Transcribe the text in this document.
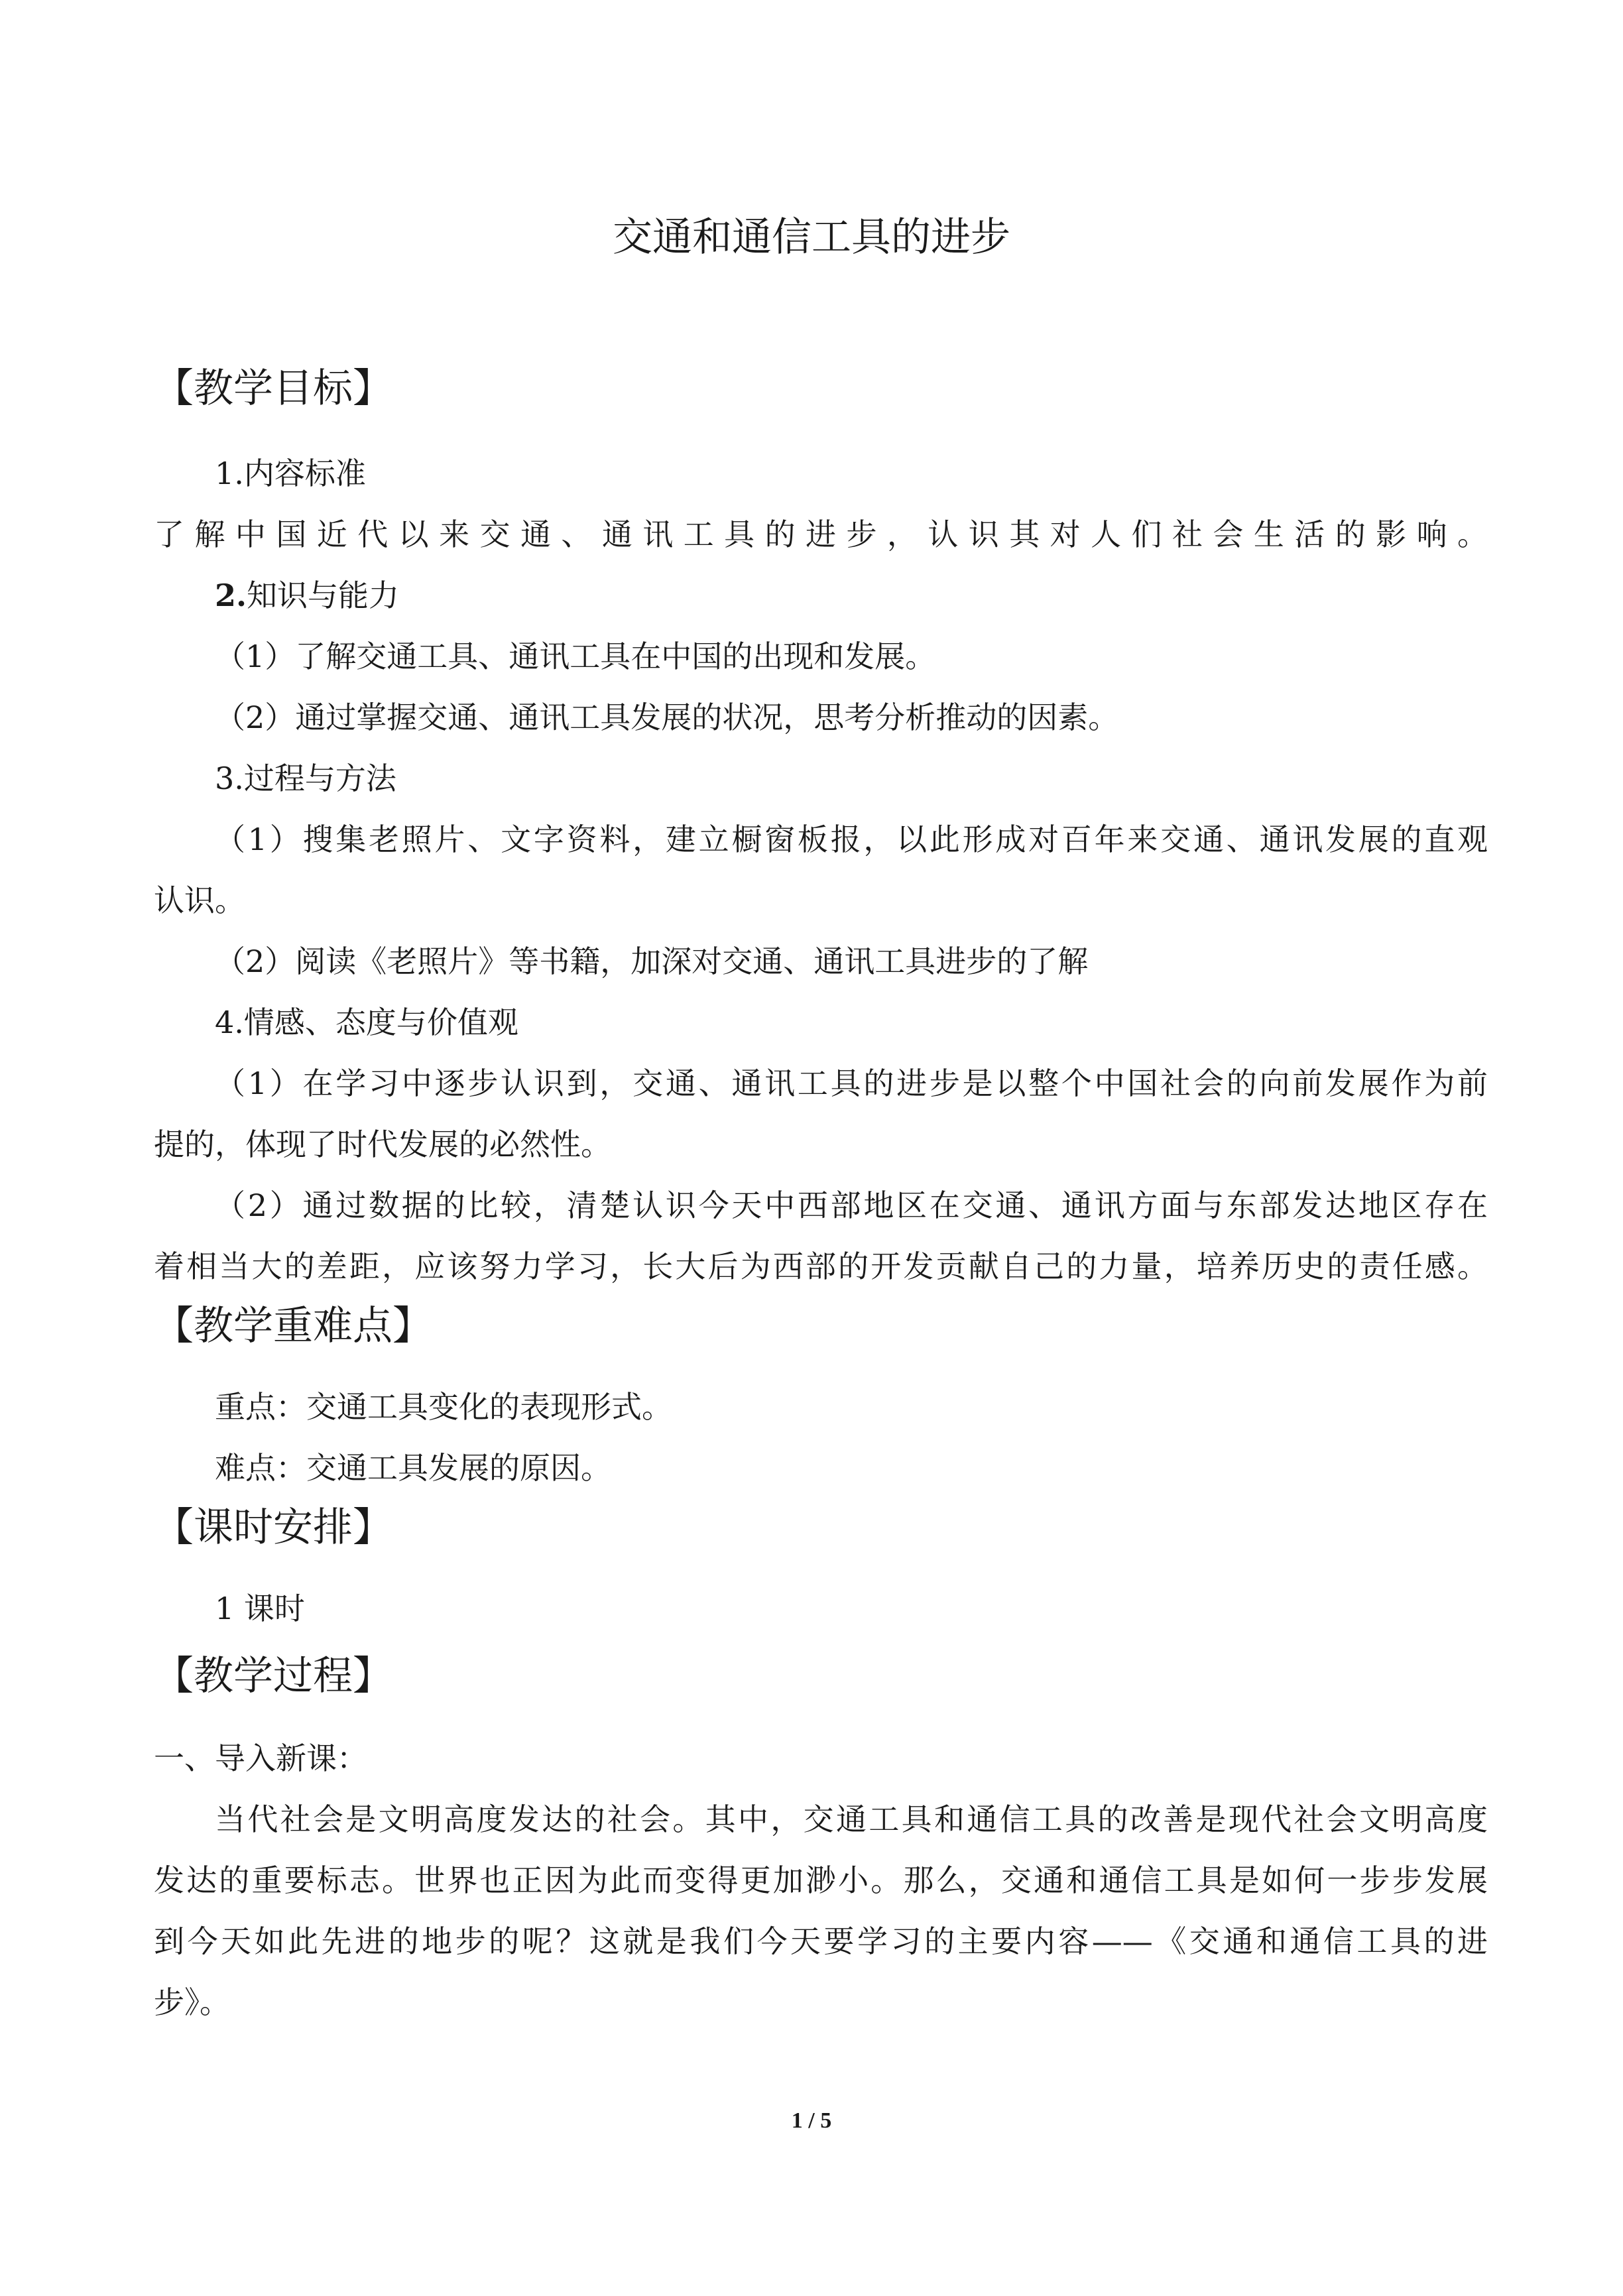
交通和通信工具的进步
【教学目标】
1.内容标准
了解中国近代以来交通、通讯工具的进步，认识其对人们社会生活的影响。
2.知识与能力
（1）了解交通工具、通讯工具在中国的出现和发展。
（2）通过掌握交通、通讯工具发展的状况，思考分析推动的因素。
3.过程与方法
（1）搜集老照片、文字资料，建立橱窗板报，以此形成对百年来交通、通讯发展的直观
认识。
（2）阅读《老照片》等书籍，加深对交通、通讯工具进步的了解
4.情感、态度与价值观
（1）在学习中逐步认识到，交通、通讯工具的进步是以整个中国社会的向前发展作为前
提的，体现了时代发展的必然性。
（2）通过数据的比较，清楚认识今天中西部地区在交通、通讯方面与东部发达地区存在
着相当大的差距，应该努力学习，长大后为西部的开发贡献自己的力量，培养历史的责任感。
【教学重难点】
重点：交通工具变化的表现形式。
难点：交通工具发展的原因。
【课时安排】
1 课时
【教学过程】
一、导入新课：
当代社会是文明高度发达的社会。其中，交通工具和通信工具的改善是现代社会文明高度
发达的重要标志。世界也正因为此而变得更加渺小。那么，交通和通信工具是如何一步步发展
到今天如此先进的地步的呢？这就是我们今天要学习的主要内容——《交通和通信工具的进
步》。
1 / 5
